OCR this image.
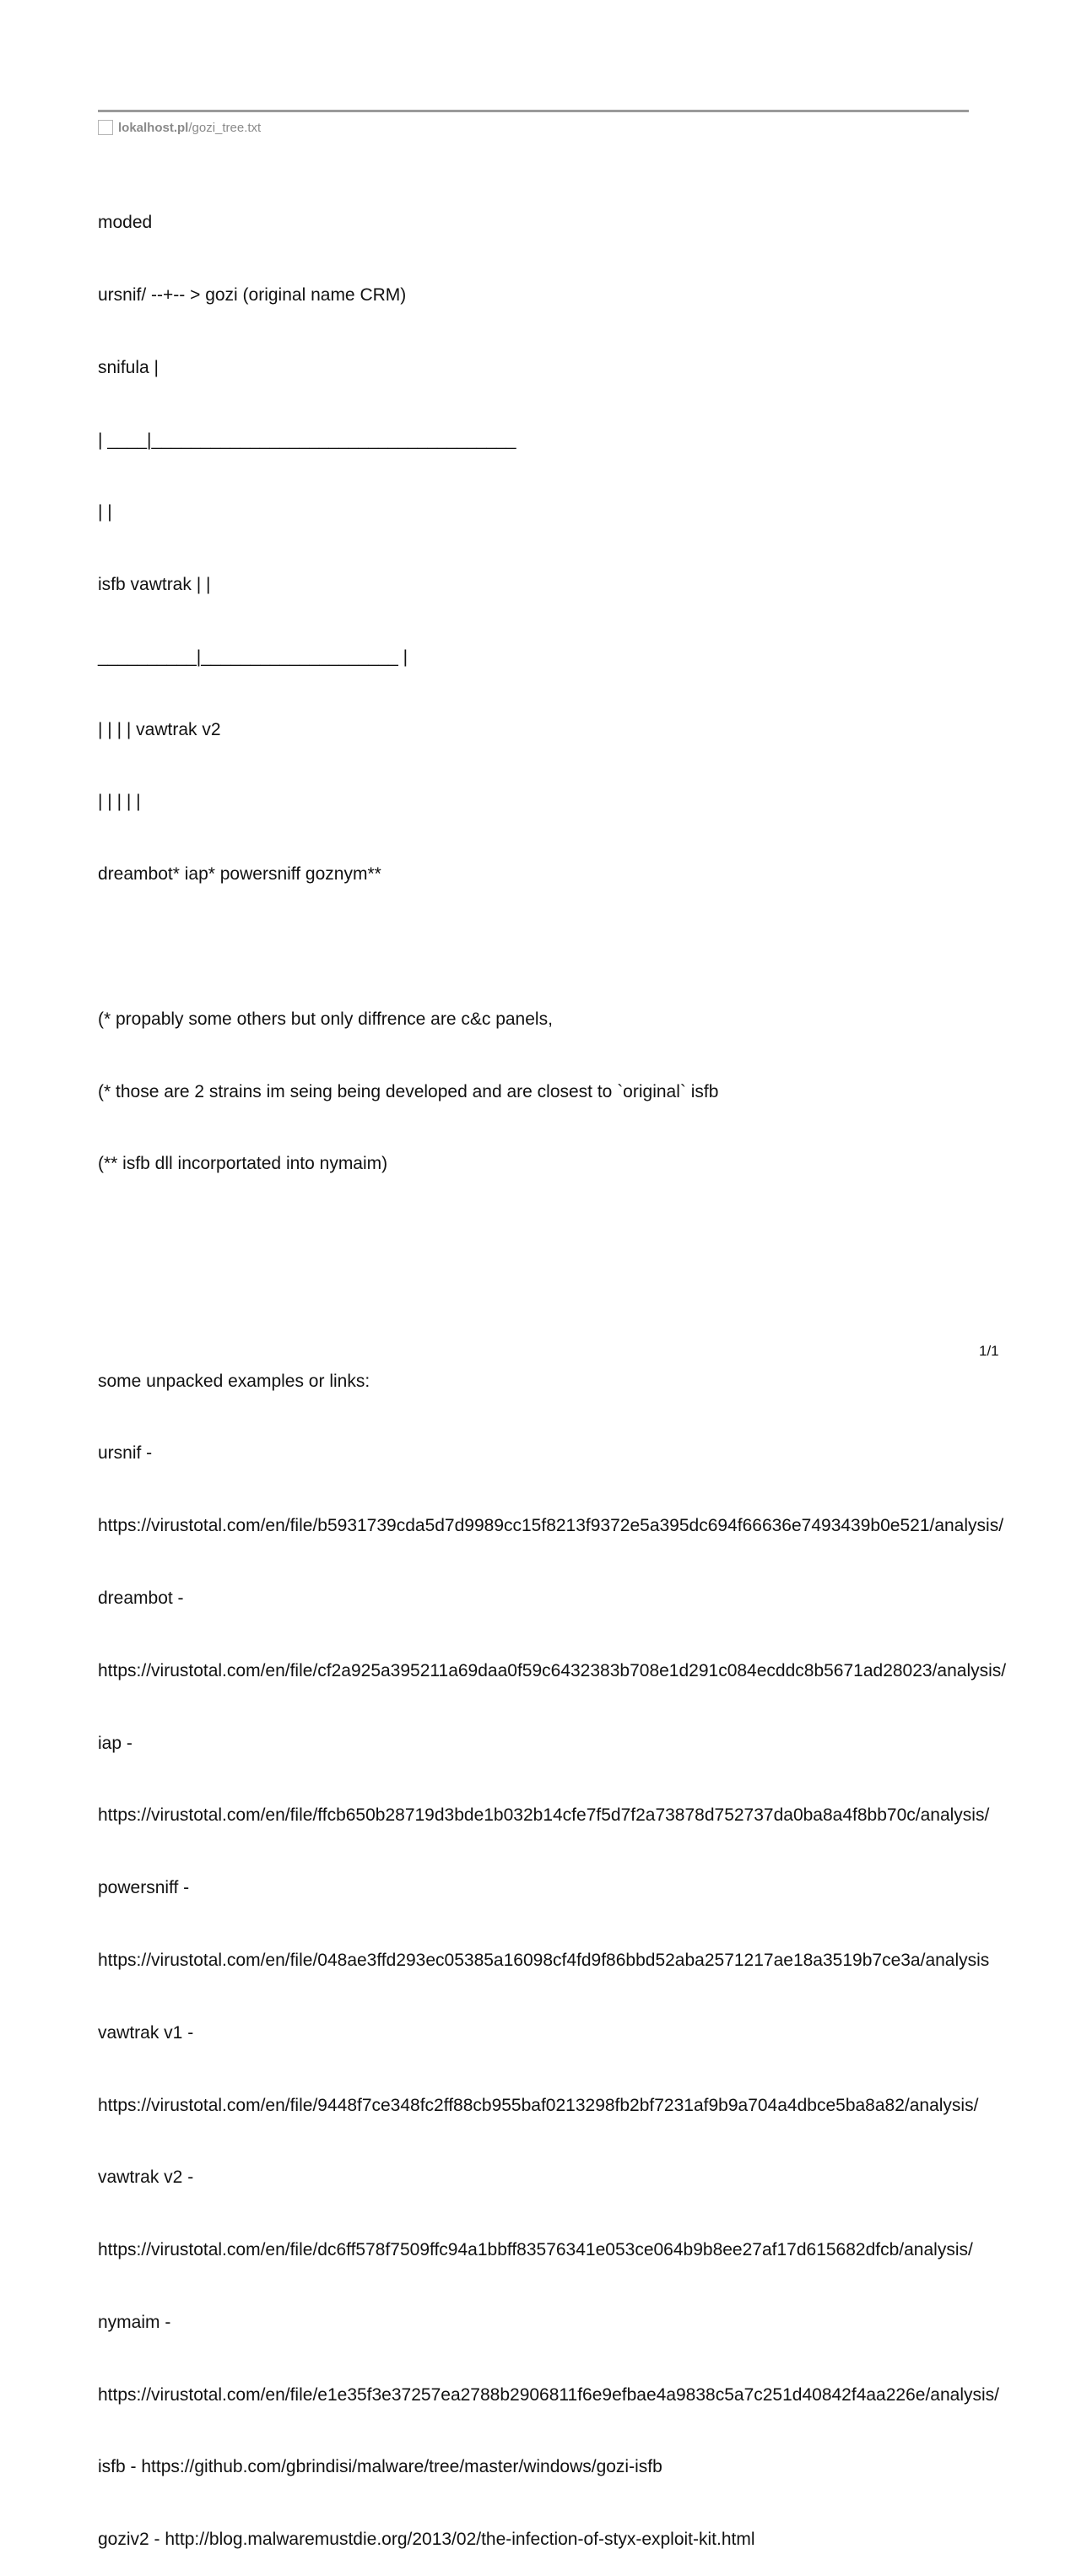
lokalhost.pl /gozi_tree.txt

moded

ursnif/ --+-- > gozi (original name CRM)

snifula |

| ____|_____________________________________

| |

isfb vawtrak | |

__________|____________________ |

| | | | vawtrak v2

| | | | |

dreambot* iap* powersniff goznym**

(* propably some others but only diffrence are c&c panels,

(* those are 2 strains im seing being developed and are closest to `original` isfb

(** isfb dll incorportated into nymaim)

some unpacked examples or links:

ursnif -

https://virustotal.com/en/file/b5931739cda5d7d9989cc15f8213f9372e5a395dc694f66636e7493439b0e521/analysis/

dreambot -

https://virustotal.com/en/file/cf2a925a395211a69daa0f59c6432383b708e1d291c084ecddc8b5671ad28023/analysis/

iap -

https://virustotal.com/en/file/ffcb650b28719d3bde1b032b14cfe7f5d7f2a73878d752737da0ba8a4f8bb70c/analysis/

powersniff -

https://virustotal.com/en/file/048ae3ffd293ec05385a16098cf4fd9f86bbd52aba2571217ae18a3519b7ce3a/analysis

vawtrak v1 -

https://virustotal.com/en/file/9448f7ce348fc2ff88cb955baf0213298fb2bf7231af9b9a704a4dbce5ba8a82/analysis/

vawtrak v2 -

https://virustotal.com/en/file/dc6ff578f7509ffc94a1bbff83576341e053ce064b9b8ee27af17d615682dfcb/analysis/

nymaim -

https://virustotal.com/en/file/e1e35f3e37257ea2788b2906811f6e9efbae4a9838c5a7c251d40842f4aa226e/analysis/

isfb - https://github.com/gbrindisi/malware/tree/master/windows/gozi-isfb

goziv2 - http://blog.malwaremustdie.org/2013/02/the-infection-of-styx-exploit-kit.html

1/1
